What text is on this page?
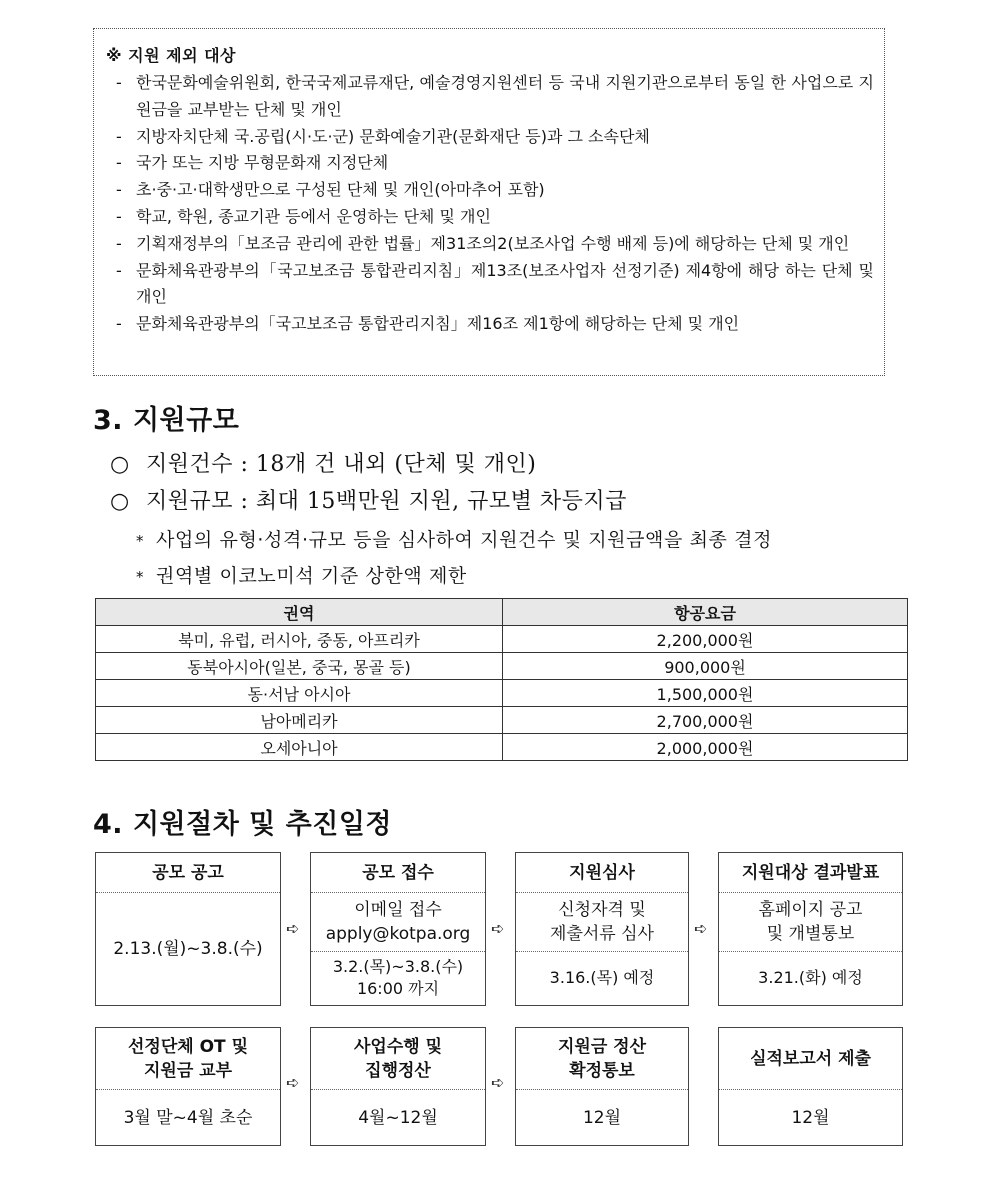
※ 지원 제외 대상
- 한국문화예술위원회, 한국국제교류재단, 예술경영지원센터 등 국내 지원기관으로부터 동일 한 사업으로 지원금을 교부받는 단체 및 개인
- 지방자치단체 국.공립(시·도·군) 문화예술기관(문화재단 등)과 그 소속단체
- 국가 또는 지방 무형문화재 지정단체
- 초·중·고·대학생만으로 구성된 단체 및 개인(아마추어 포함)
- 학교, 학원, 종교기관 등에서 운영하는 단체 및 개인
- 기획재정부의「보조금 관리에 관한 법률」제31조의2(보조사업 수행 배제 등)에 해당하는 단체 및 개인
- 문화체육관광부의「국고보조금 통합관리지침」제13조(보조사업자 선정기준) 제4항에 해당 하는 단체 및 개인
- 문화체육관광부의「국고보조금 통합관리지침」제16조 제1항에 해당하는 단체 및 개인
3. 지원규모
○ 지원건수 : 18개 건 내외 (단체 및 개인)
○ 지원규모 : 최대 15백만원 지원, 규모별 차등지급
* 사업의 유형·성격·규모 등을 심사하여 지원건수 및 지원금액을 최종 결정
* 권역별 이코노미석 기준 상한액 제한
권역	항공요금
북미, 유럽, 러시아, 중동, 아프리카	2,200,000원
동북아시아(일본, 중국, 몽골 등)	900,000원
동·서남 아시아	1,500,000원
남아메리카	2,700,000원
오세아니아	2,000,000원
4. 지원절차 및 추진일정
공모 공고
2.13.(월)~3.8.(수)
➪
공모 접수
이메일 접수
apply@kotpa.org
3.2.(목)~3.8.(수)
16:00 까지
➪
지원심사
신청자격 및
제출서류 심사
3.16.(목) 예정
➪
지원대상 결과발표
홈페이지 공고
및 개별통보
3.21.(화) 예정
선정단체 OT 및
지원금 교부
3월 말~4월 초순
➪
사업수행 및
집행정산
4월~12월
➪
지원금 정산
확정통보
12월
실적보고서 제출
12월
